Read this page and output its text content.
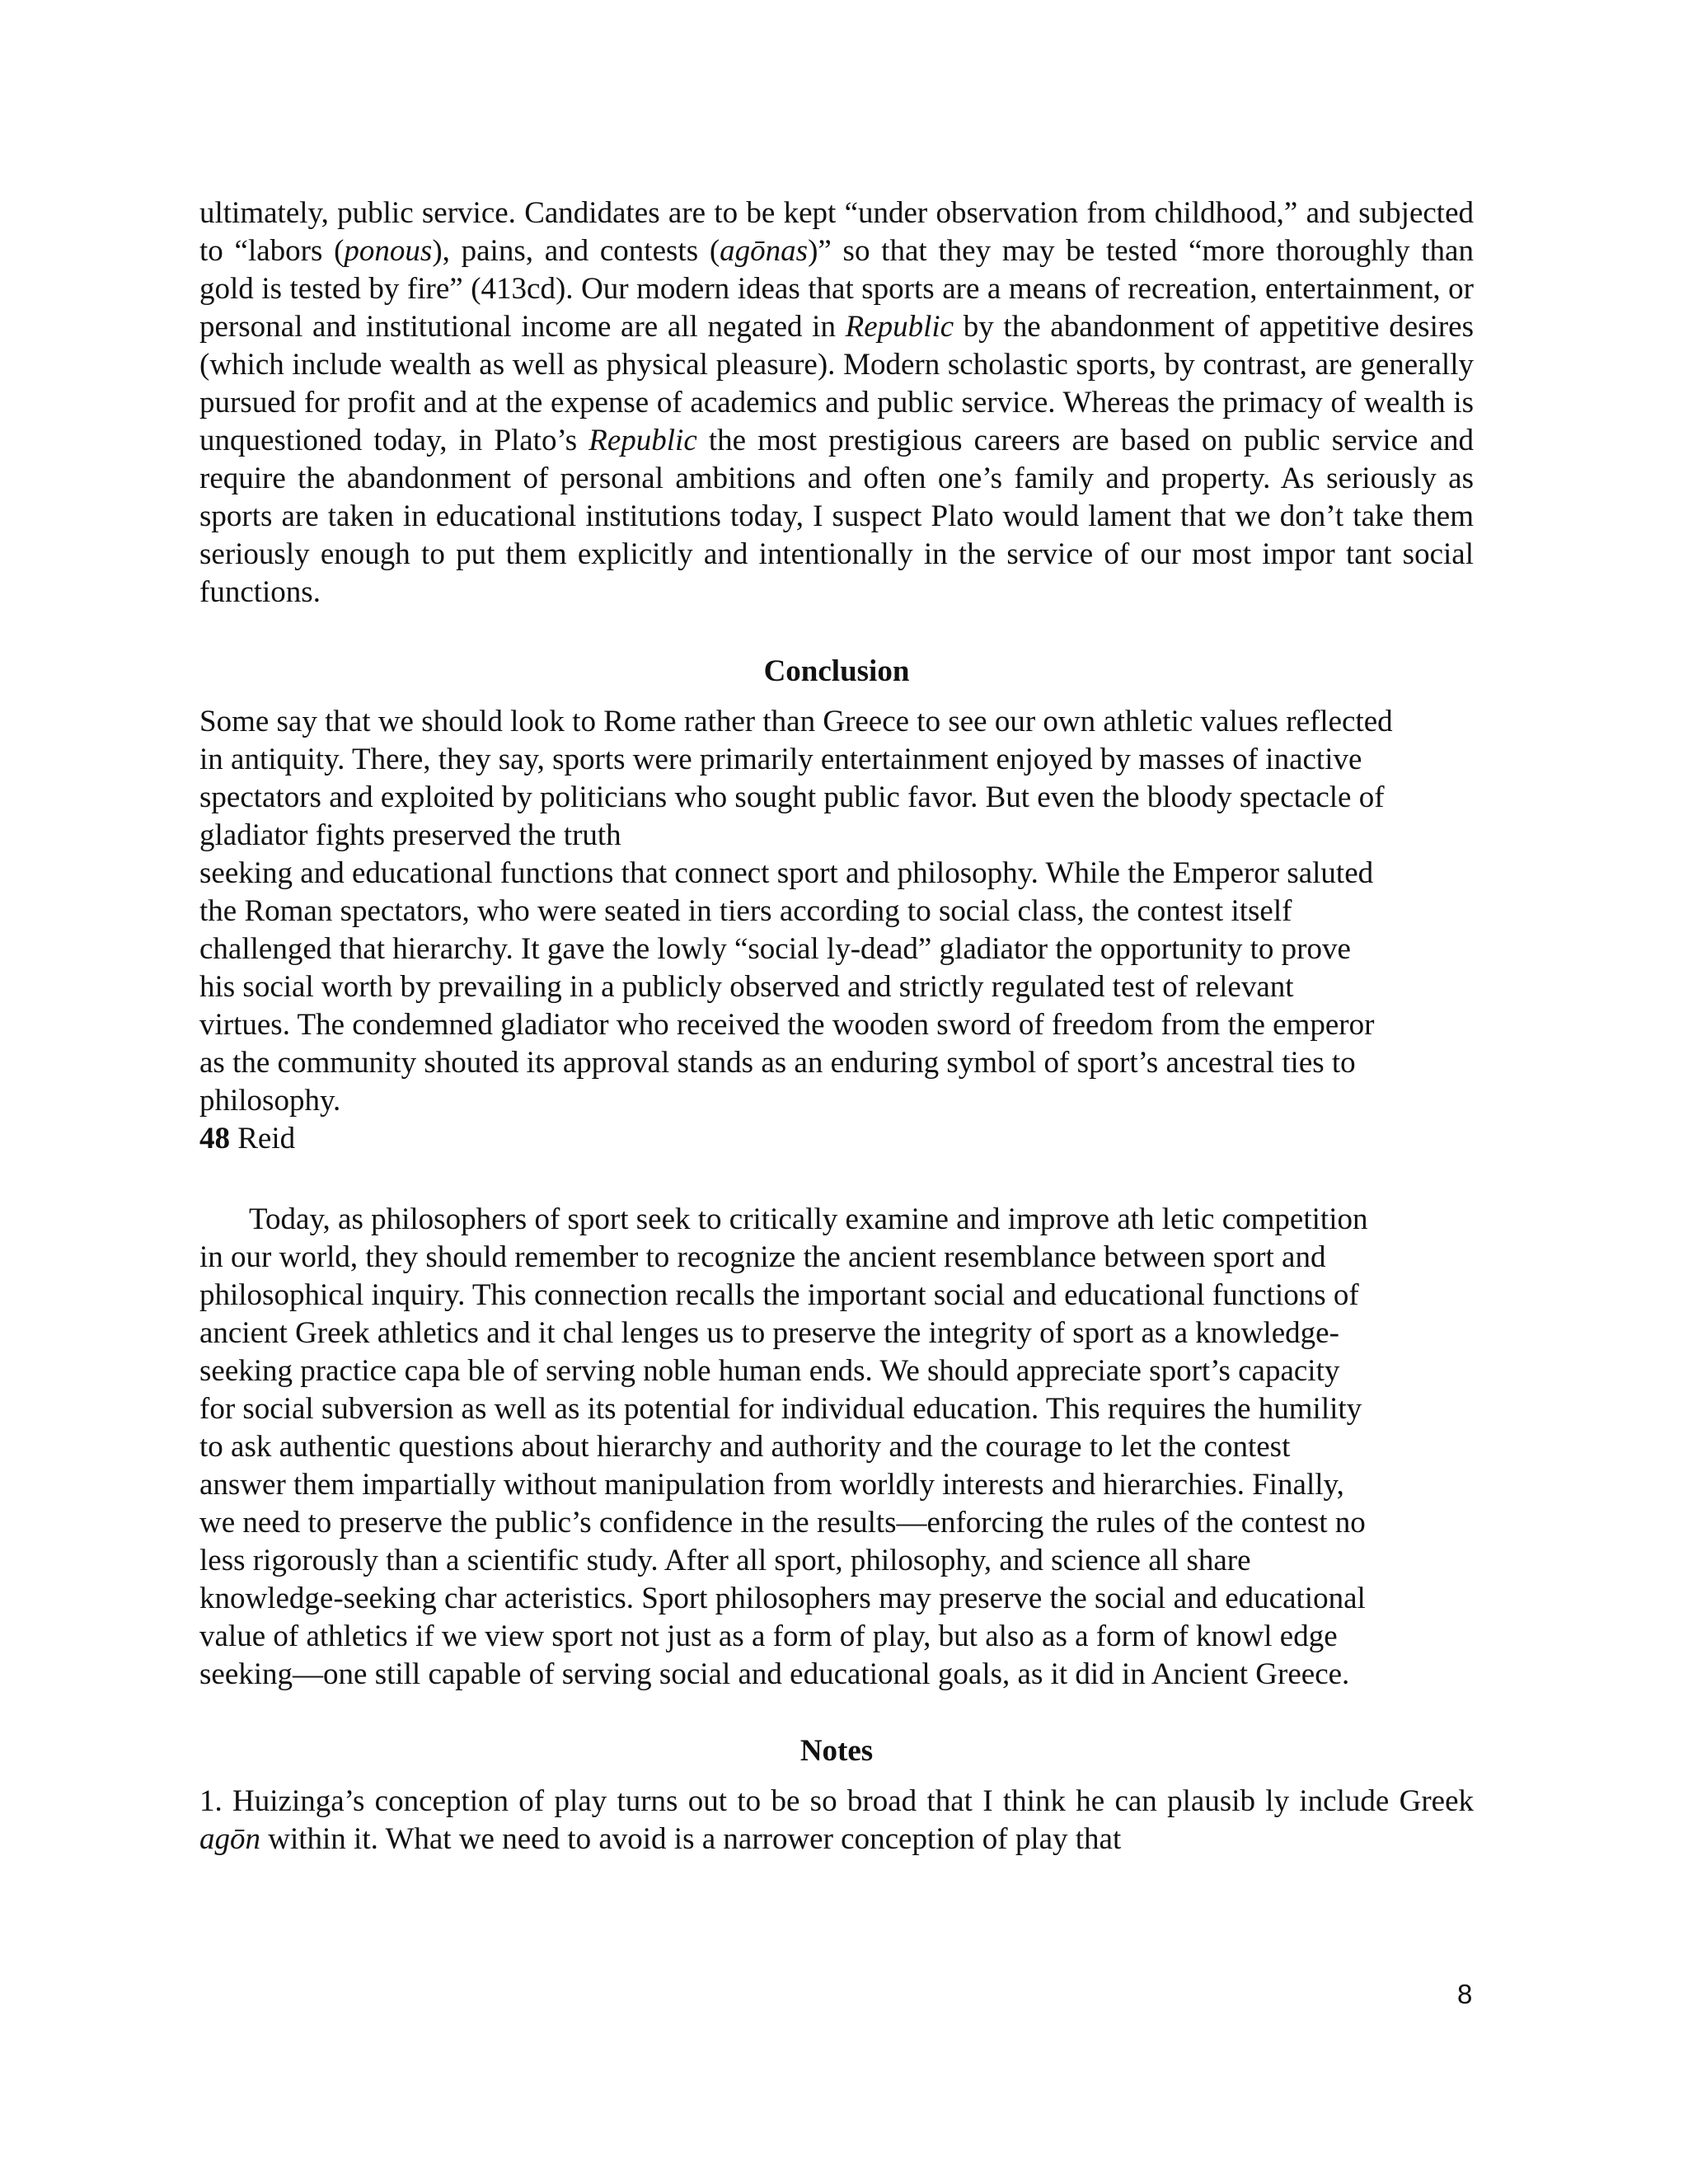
ultimately, public service. Candidates are to be kept “under observation from childhood,” and subjected to “labors (ponous), pains, and contests (agōnas)” so that they may be tested “more thoroughly than gold is tested by fire” (413cd). Our modern ideas that sports are a means of recreation, entertainment, or personal and institutional income are all negated in Republic by the abandonment of appetitive desires (which include wealth as well as physical pleasure). Modern scholastic sports, by contrast, are generally pursued for profit and at the expense of academics and public service. Whereas the primacy of wealth is unquestioned today, in Plato’s Republic the most prestigious careers are based on public service and require the abandonment of personal ambitions and often one’s family and property. As seriously as sports are taken in educational institutions today, I suspect Plato would lament that we don’t take them seriously enough to put them explicitly and intentionally in the service of our most impor tant social functions.

Conclusion

Some say that we should look to Rome rather than Greece to see our own athletic values reflected
in antiquity. There, they say, sports were primarily entertainment enjoyed by masses of inactive
spectators and exploited by politicians who sought public favor. But even the bloody spectacle of
gladiator fights preserved the truth
seeking and educational functions that connect sport and philosophy. While the Emperor saluted
the Roman spectators, who were seated in tiers according to social class, the contest itself
challenged that hierarchy. It gave the lowly “social ly-dead” gladiator the opportunity to prove
his social worth by prevailing in a publicly observed and strictly regulated test of relevant
virtues. The condemned gladiator who received the wooden sword of freedom from the emperor
as the community shouted its approval stands as an enduring symbol of sport’s ancestral ties to
philosophy.
48 Reid

Today, as philosophers of sport seek to critically examine and improve ath letic competition
in our world, they should remember to recognize the ancient resemblance between sport and
philosophical inquiry. This connection recalls the important social and educational functions of
ancient Greek athletics and it chal lenges us to preserve the integrity of sport as a knowledge-
seeking practice capa ble of serving noble human ends. We should appreciate sport’s capacity
for social subversion as well as its potential for individual education. This requires the humility
to ask authentic questions about hierarchy and authority and the courage to let the contest
answer them impartially without manipulation from worldly interests and hierarchies. Finally,
we need to preserve the public’s confidence in the results—enforcing the rules of the contest no
less rigorously than a scientific study. After all sport, philosophy, and science all share
knowledge-seeking char acteristics. Sport philosophers may preserve the social and educational
value of athletics if we view sport not just as a form of play, but also as a form of knowl edge
seeking—one still capable of serving social and educational goals, as it did in Ancient Greece.

Notes

1. Huizinga’s conception of play turns out to be so broad that I think he can plausib ly include Greek agōn within it. What we need to avoid is a narrower conception of play that

8
